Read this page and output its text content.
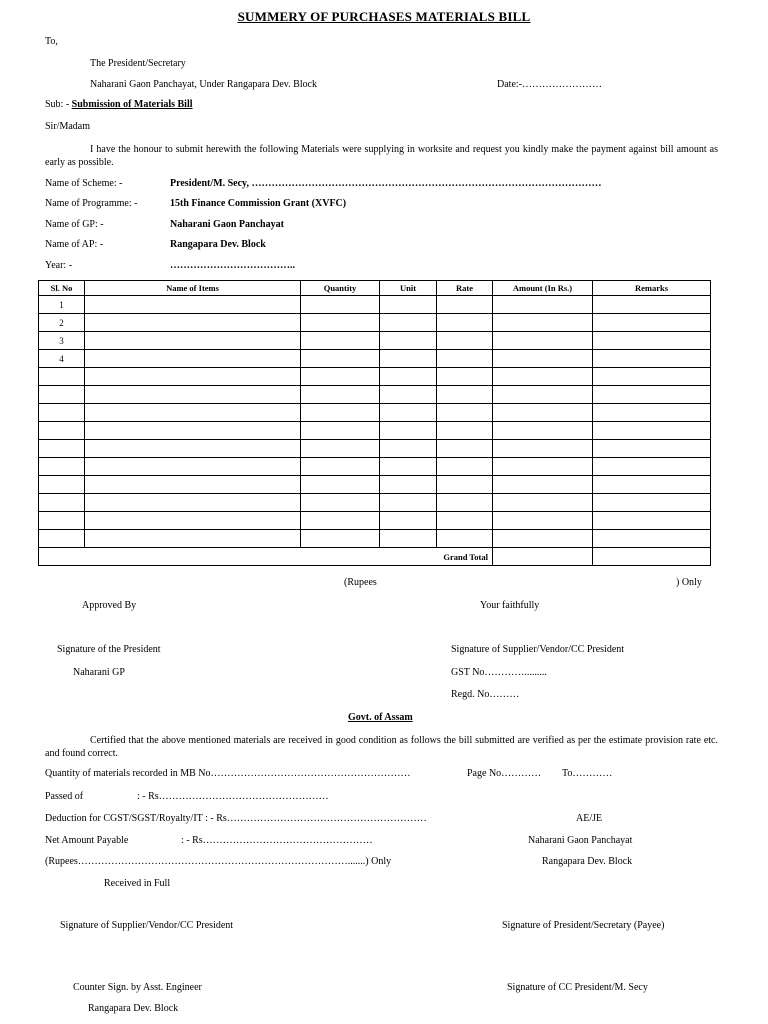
SUMMERY OF PURCHASES MATERIALS BILL
To,
The President/Secretary
Naharani Gaon Panchayat, Under Rangapara Dev. Block	Date:-……………………
Sub: - Submission of Materials Bill
Sir/Madam
I have the honour to submit herewith the following Materials were supplying in worksite and request you kindly make the payment against bill amount as early as possible.
Name of Scheme: -	President/M. Secy, ……………………………………………………………………………………………
Name of Programme: -	15th Finance Commission Grant (XVFC)
Name of GP: -	Naharani Gaon Panchayat
Name of AP: -	Rangapara Dev. Block
Year: -	………………………………..
Sl. No	Name of Items	Quantity	Unit	Rate	Amount (In Rs.)	Remarks
1						
2						
3						
4						

Grand Total						
(Rupees	) Only
Approved By	Your faithfully
Signature of the President	Signature of Supplier/Vendor/CC President
Naharani GP	GST No………….........
Regd. No………
Govt. of Assam
Certified that the above mentioned materials are received in good condition as follows the bill submitted are verified as per the estimate provision rate etc. and found correct.
Quantity of materials recorded in MB No……………………………………………………	Page No………… To…………
Passed of	: - Rs……………………………………………
Deduction for CGST/SGST/Royalty/IT : - Rs……………………………………………………	AE/JE
Net Amount Payable	: - Rs……………………………………………	Naharani Gaon Panchayat
(Rupees……………………………………………………………………….......) Only	Rangapara Dev. Block
Received in Full
Signature of Supplier/Vendor/CC President	Signature of President/Secretary (Payee)
Counter Sign. by Asst. Engineer	Signature of CC President/M. Secy
Rangapara Dev. Block
